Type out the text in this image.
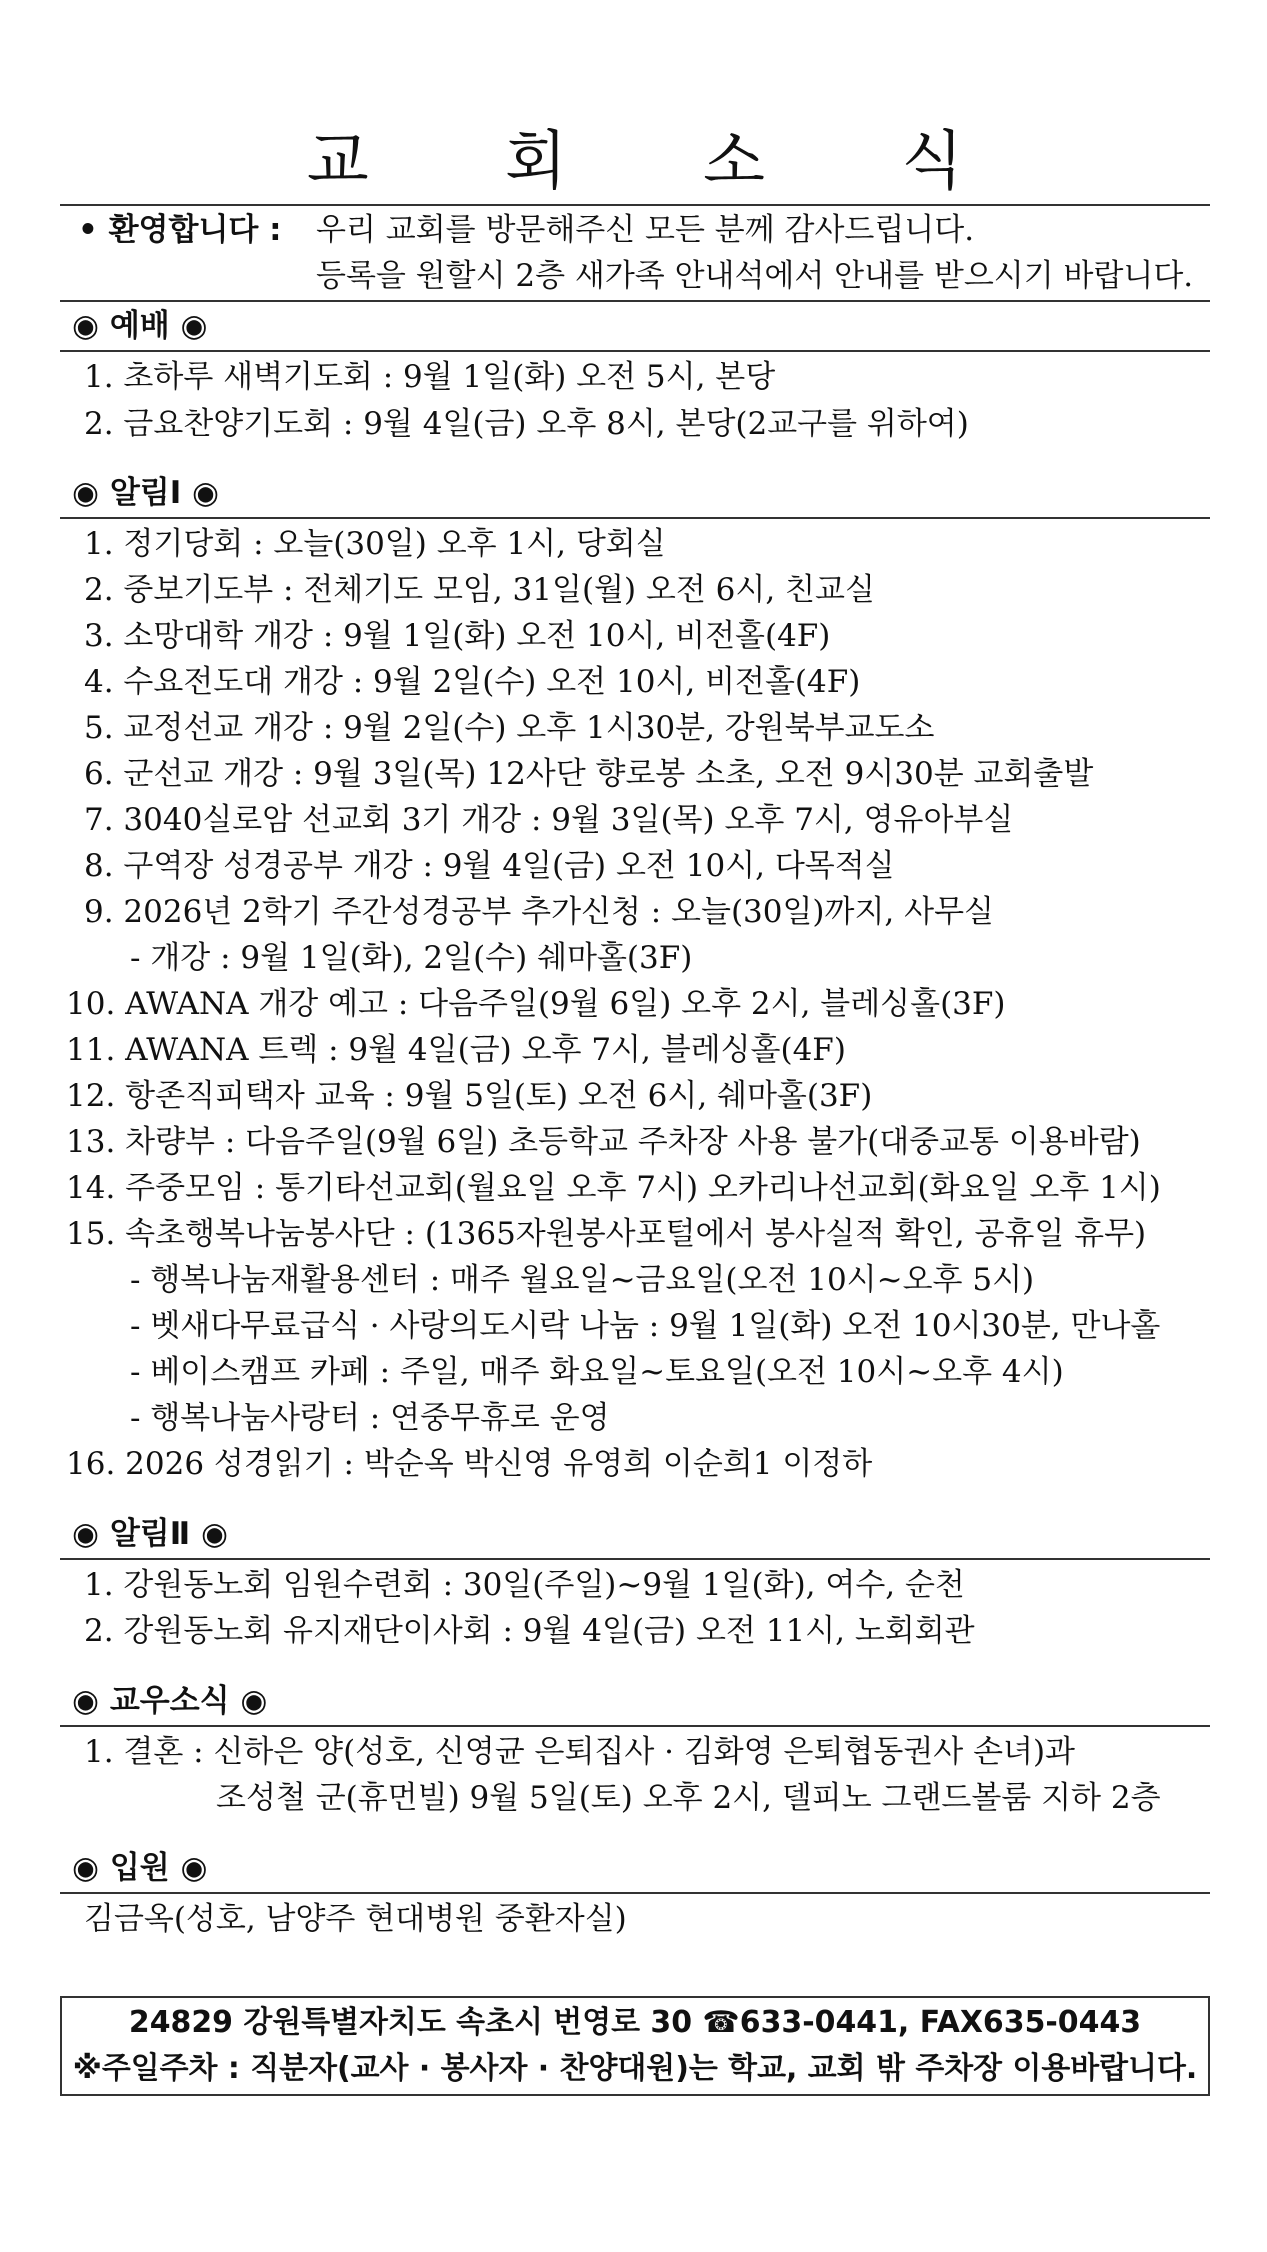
교 회 소 식
• 환영합니다 : 우리 교회를 방문해주신 모든 분께 감사드립니다.
등록을 원할시 2층 새가족 안내석에서 안내를 받으시기 바랍니다.
◉ 예배 ◉
1. 초하루 새벽기도회 : 9월 1일(화) 오전 5시, 본당
2. 금요찬양기도회 : 9월 4일(금) 오후 8시, 본당(2교구를 위하여)
◉ 알림Ⅰ ◉
1. 정기당회 : 오늘(30일) 오후 1시, 당회실
2. 중보기도부 : 전체기도 모임, 31일(월) 오전 6시, 친교실
3. 소망대학 개강 : 9월 1일(화) 오전 10시, 비전홀(4F)
4. 수요전도대 개강 : 9월 2일(수) 오전 10시, 비전홀(4F)
5. 교정선교 개강 : 9월 2일(수) 오후 1시30분, 강원북부교도소
6. 군선교 개강 : 9월 3일(목) 12사단 향로봉 소초, 오전 9시30분 교회출발
7. 3040실로암 선교회 3기 개강 : 9월 3일(목) 오후 7시, 영유아부실
8. 구역장 성경공부 개강 : 9월 4일(금) 오전 10시, 다목적실
9. 2026년 2학기 주간성경공부 추가신청 : 오늘(30일)까지, 사무실
- 개강 : 9월 1일(화), 2일(수) 쉐마홀(3F)
10. AWANA 개강 예고 : 다음주일(9월 6일) 오후 2시, 블레싱홀(3F)
11. AWANA 트렉 : 9월 4일(금) 오후 7시, 블레싱홀(4F)
12. 항존직피택자 교육 : 9월 5일(토) 오전 6시, 쉐마홀(3F)
13. 차량부 : 다음주일(9월 6일) 초등학교 주차장 사용 불가(대중교통 이용바람)
14. 주중모임 : 통기타선교회(월요일 오후 7시) 오카리나선교회(화요일 오후 1시)
15. 속초행복나눔봉사단 : (1365자원봉사포털에서 봉사실적 확인, 공휴일 휴무)
- 행복나눔재활용센터 : 매주 월요일~금요일(오전 10시~오후 5시)
- 벳새다무료급식 · 사랑의도시락 나눔 : 9월 1일(화) 오전 10시30분, 만나홀
- 베이스캠프 카페 : 주일, 매주 화요일~토요일(오전 10시~오후 4시)
- 행복나눔사랑터 : 연중무휴로 운영
16. 2026 성경읽기 : 박순옥 박신영 유영희 이순희1 이정하
◉ 알림Ⅱ ◉
1. 강원동노회 임원수련회 : 30일(주일)~9월 1일(화), 여수, 순천
2. 강원동노회 유지재단이사회 : 9월 4일(금) 오전 11시, 노회회관
◉ 교우소식 ◉
1. 결혼 : 신하은 양(성호, 신영균 은퇴집사 · 김화영 은퇴협동권사 손녀)과
조성철 군(휴먼빌) 9월 5일(토) 오후 2시, 델피노 그랜드볼룸 지하 2층
◉ 입원 ◉
김금옥(성호, 남양주 현대병원 중환자실)
24829 강원특별자치도 속초시 번영로 30 ☎633-0441, FAX635-0443
※주일주차 : 직분자(교사 · 봉사자 · 찬양대원)는 학교, 교회 밖 주차장 이용바랍니다.
